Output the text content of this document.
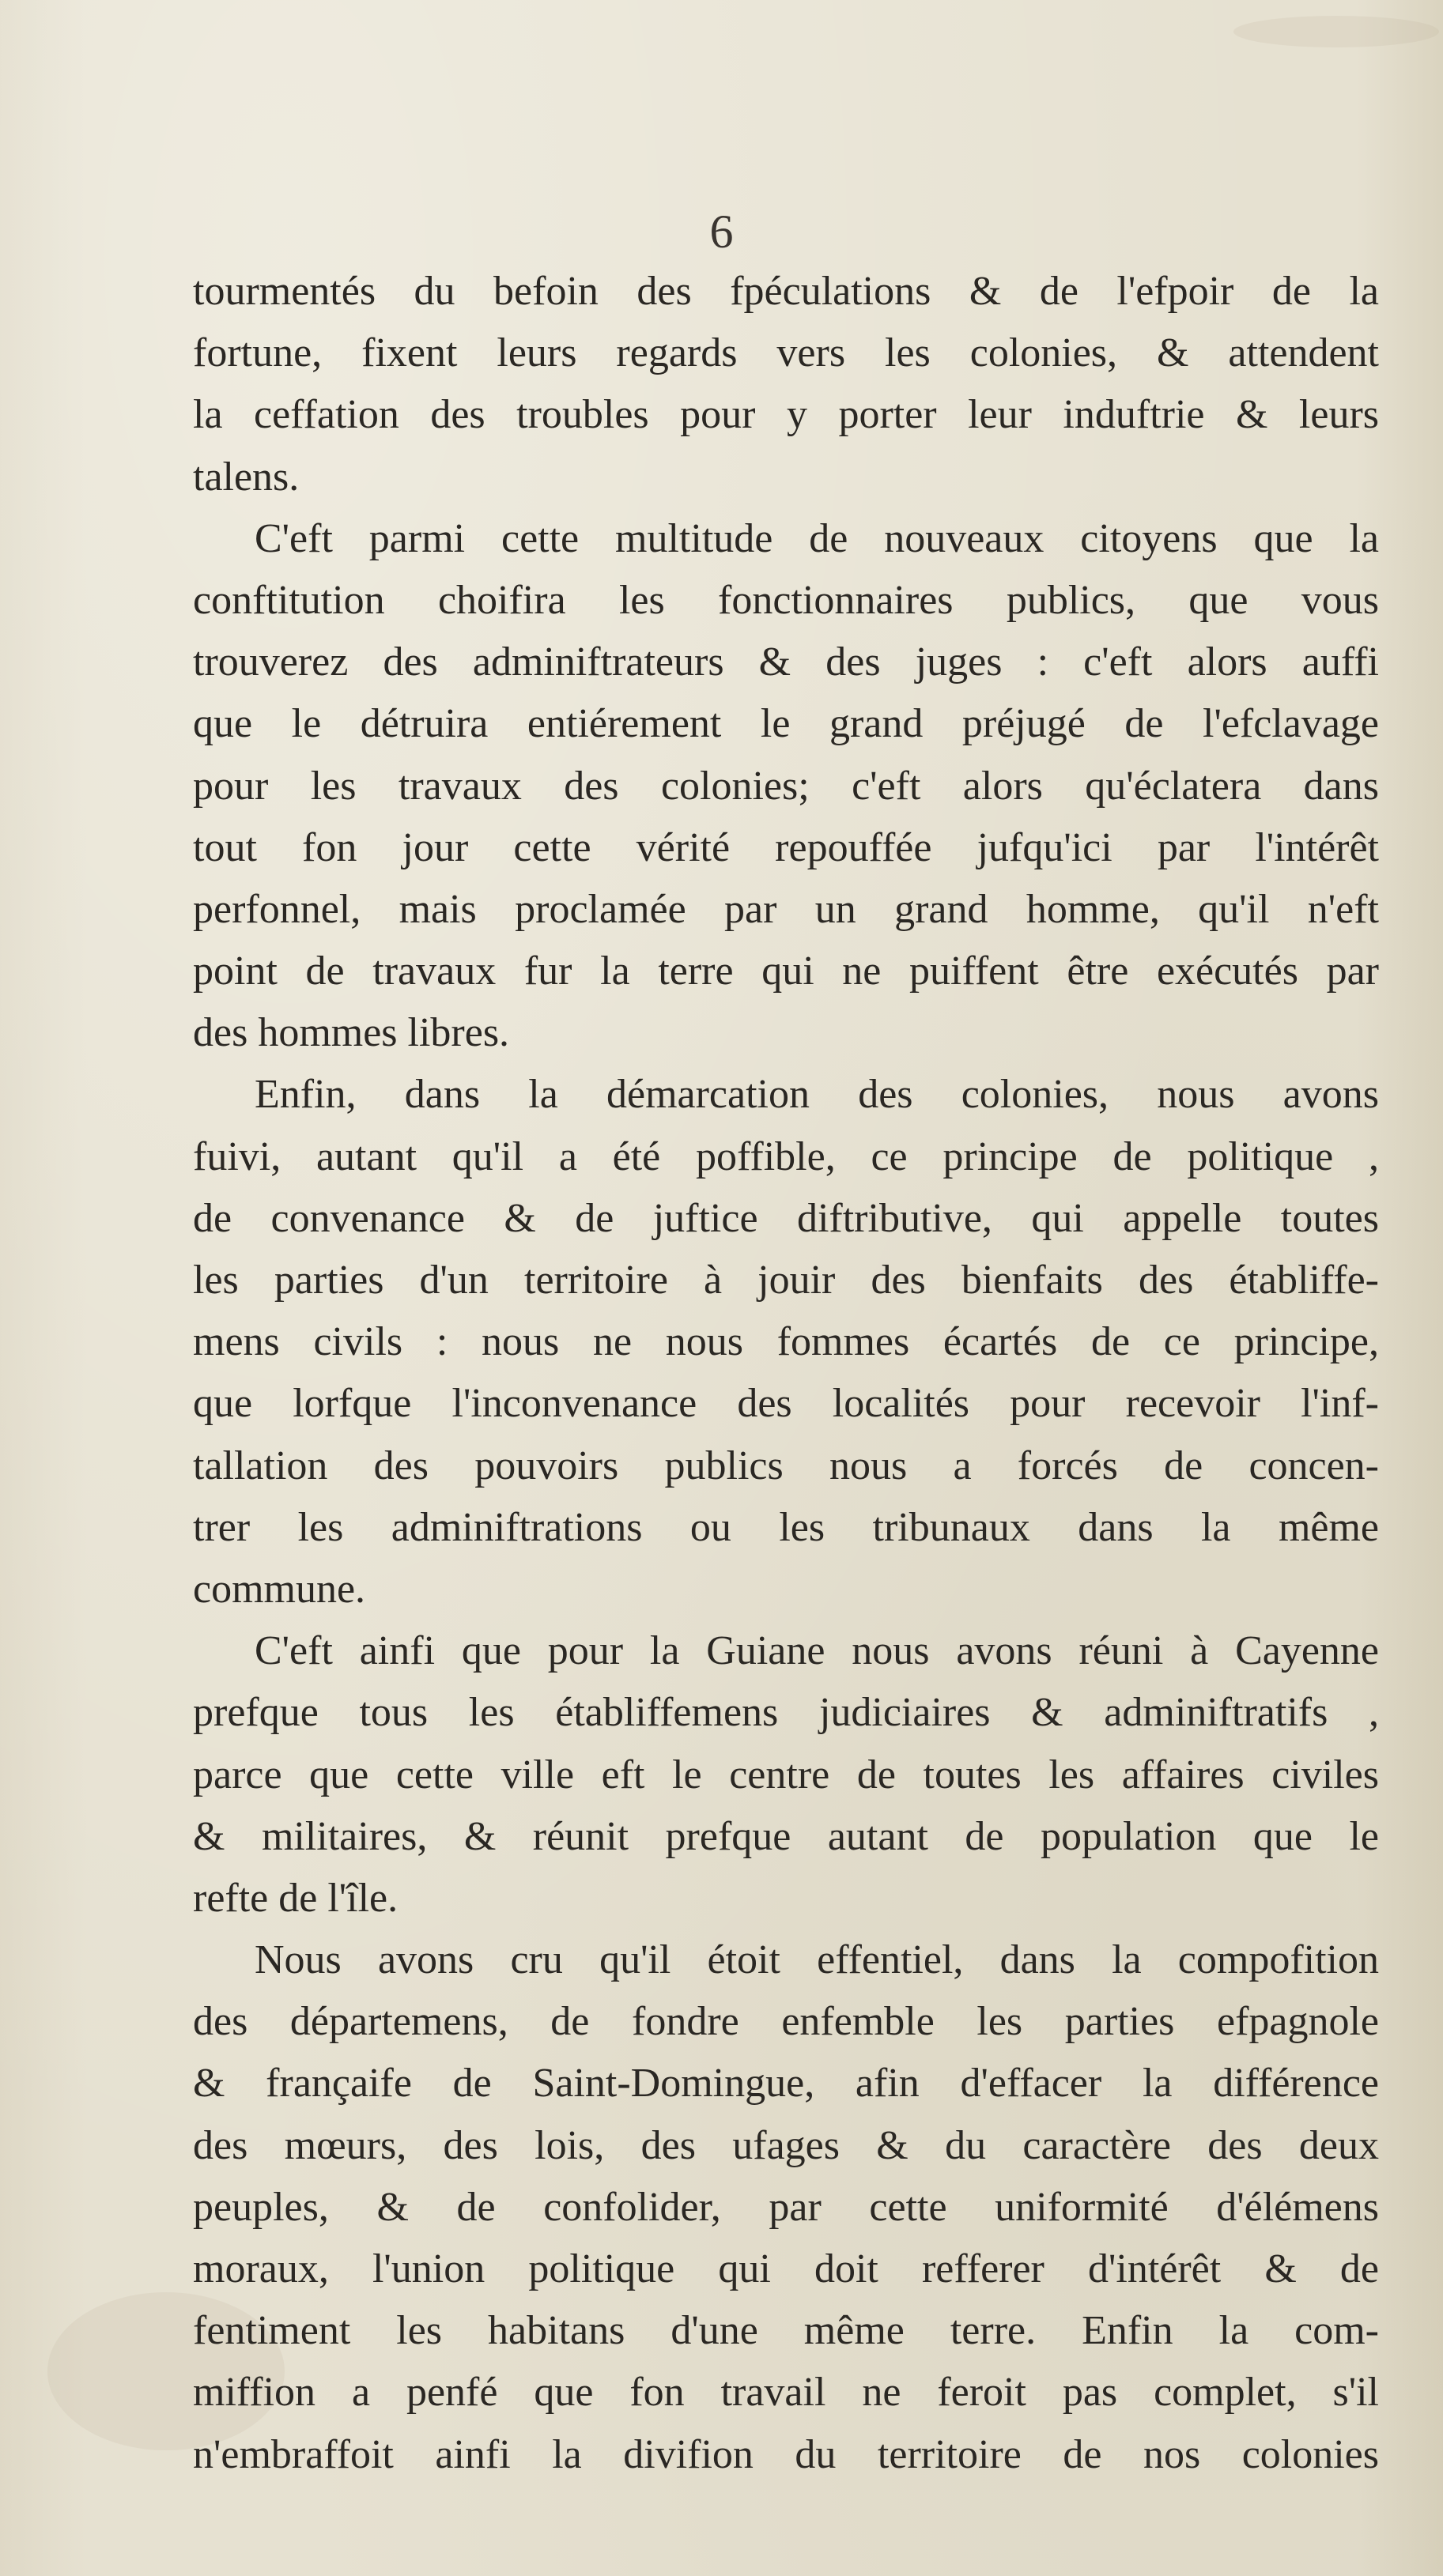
6
tourmentés du befoin des fpéculations & de l'efpoir de la
fortune, fixent leurs regards vers les colonies, & attendent
la ceffation des troubles pour y porter leur induftrie & leurs
talens.
C'eft parmi cette multitude de nouveaux citoyens que la
conftitution choifira les fonctionnaires publics, que vous
trouverez des adminiftrateurs & des juges : c'eft alors auffi
que le détruira entiérement le grand préjugé de l'efclavage
pour les travaux des colonies; c'eft alors qu'éclatera dans
tout fon jour cette vérité repouffée jufqu'ici par l'intérêt
perfonnel, mais proclamée par un grand homme, qu'il n'eft
point de travaux fur la terre qui ne puiffent être exécutés par
des hommes libres.
Enfin, dans la démarcation des colonies, nous avons
fuivi, autant qu'il a été poffible, ce principe de politique ,
de convenance & de juftice diftributive, qui appelle toutes
les parties d'un territoire à jouir des bienfaits des établiffe-
mens civils : nous ne nous fommes écartés de ce principe,
que lorfque l'inconvenance des localités pour recevoir l'inf-
tallation des pouvoirs publics nous a forcés de concen-
trer les adminiftrations ou les tribunaux dans la même
commune.
C'eft ainfi que pour la Guiane nous avons réuni à Cayenne
prefque tous les établiffemens judiciaires & adminiftratifs ,
parce que cette ville eft le centre de toutes les affaires civiles
& militaires, & réunit prefque autant de population que le
refte de l'île.
Nous avons cru qu'il étoit effentiel, dans la compofition
des départemens, de fondre enfemble les parties efpagnole
& françaife de Saint-Domingue, afin d'effacer la différence
des mœurs, des lois, des ufages & du caractère des deux
peuples, & de confolider, par cette uniformité d'élémens
moraux, l'union politique qui doit refferer d'intérêt & de
fentiment les habitans d'une même terre. Enfin la com-
miffion a penfé que fon travail ne feroit pas complet, s'il
n'embraffoit ainfi la divifion du territoire de nos colonies
